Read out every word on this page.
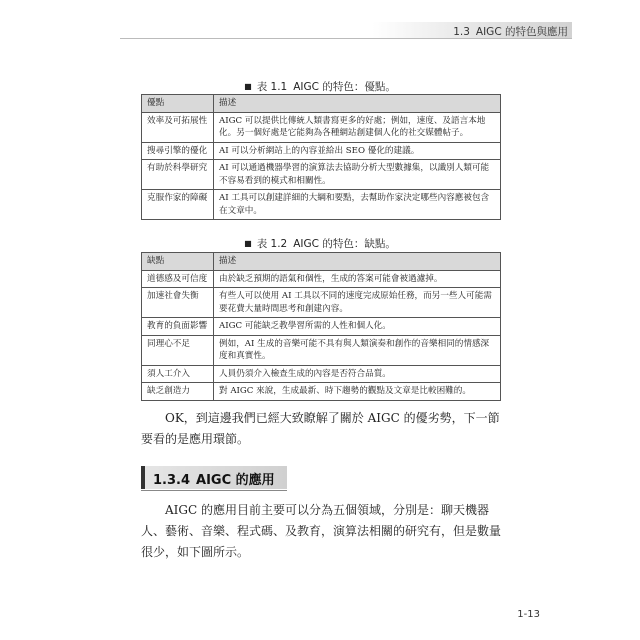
1.3 AIGC 的特色與應用
■ 表 1.1 AIGC 的特色：優點。
優點	描述
效率及可拓展性	AIGC 可以提供比傳統人類書寫更多的好處；例如，速度、及語言本地化。另一個好處是它能夠為各種網站創建個人化的社交媒體帖子。
搜尋引擎的優化	AI 可以分析網站上的內容並給出 SEO 優化的建議。
有助於科學研究	AI 可以通過機器學習的演算法去協助分析大型數據集，以識別人類可能不容易看到的模式和相關性。
克服作家的障礙	AI 工具可以創建詳細的大綱和要點，去幫助作家決定哪些內容應被包含在文章中。
■ 表 1.2 AIGC 的特色：缺點。
缺點	描述
道德感及可信度	由於缺乏預期的語氣和個性，生成的答案可能會被過濾掉。
加速社會失衡	有些人可以使用 AI 工具以不同的速度完成原始任務，而另一些人可能需要花費大量時間思考和創建內容。
教育的負面影響	AIGC 可能缺乏教學習所需的人性和個人化。
同理心不足	例如，AI 生成的音樂可能不具有與人類演奏和創作的音樂相同的情感深度和真實性。
須人工介入	人員仍須介入檢查生成的內容是否符合品質。
缺乏創造力	對 AIGC 來說，生成最新、時下趨勢的觀點及文章是比較困難的。
OK，到這邊我們已經大致瞭解了關於 AIGC 的優劣勢，下一節要看的是應用環節。
1.3.4 AIGC 的應用
AIGC 的應用目前主要可以分為五個領域，分別是：聊天機器人、藝術、音樂、程式碼、及教育，演算法相關的研究有，但是數量很少，如下圖所示。
1-13
